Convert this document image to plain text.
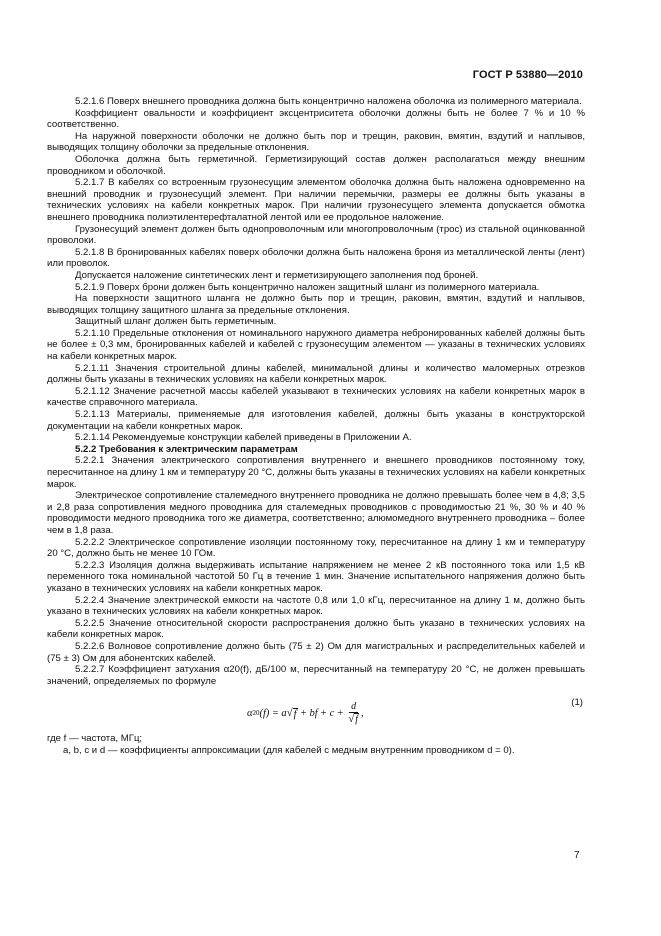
ГОСТ Р 53880—2010

5.2.1.6 Поверх внешнего проводника должна быть концентрично наложена оболочка из полимерного материала.

Коэффициент овальности и коэффициент эксцентриситета оболочки должны быть не более 7 % и 10 % соответственно.

На наружной поверхности оболочки не должно быть пор и трещин, раковин, вмятин, вздутий и наплывов, выводящих толщину оболочки за предельные отклонения.

Оболочка должна быть герметичной. Герметизирующий состав должен располагаться между внешним проводником и оболочкой.

5.2.1.7 В кабелях со встроенным грузонесущим элементом оболочка должна быть наложена одновременно на внешний проводник и грузонесущий элемент. При наличии перемычки, размеры ее должны быть указаны в технических условиях на кабели конкретных марок. При наличии грузонесущего элемента допускается обмотка внешнего проводника полиэтилентерефталатной лентой или ее продольное наложение.

Грузонесущий элемент должен быть однопроволочным или многопроволочным (трос) из стальной оцинкованной проволоки.

5.2.1.8 В бронированных кабелях поверх оболочки должна быть наложена броня из металлической ленты (лент) или проволок.

Допускается наложение синтетических лент и герметизирующего заполнения под броней.

5.2.1.9 Поверх брони должен быть концентрично наложен защитный шланг из полимерного материала.

На поверхности защитного шланга не должно быть пор и трещин, раковин, вмятин, вздутий и наплывов, выводящих толщину защитного шланга за предельные отклонения.

Защитный шланг должен быть герметичным.

5.2.1.10 Предельные отклонения от номинального наружного диаметра небронированных кабелей должны быть не более ± 0,3 мм, бронированных кабелей и кабелей с грузонесущим элементом — указаны в технических условиях на кабели конкретных марок.

5.2.1.11 Значения строительной длины кабелей, минимальной длины и количество маломерных отрезков должны быть указаны в технических условиях на кабели конкретных марок.

5.2.1.12 Значение расчетной массы кабелей указывают в технических условиях на кабели конкретных марок в качестве справочного материала.

5.2.1.13 Материалы, применяемые для изготовления кабелей, должны быть указаны в конструкторской документации на кабели конкретных марок.

5.2.1.14 Рекомендуемые конструкции кабелей приведены в Приложении А.

5.2.2 Требования к электрическим параметрам

5.2.2.1 Значения электрического сопротивления внутреннего и внешнего проводников постоянному току, пересчитанное на длину 1 км и температуру 20 °С, должны быть указаны в технических условиях на кабели конкретных марок.

Электрическое сопротивление сталемедного внутреннего проводника не должно превышать более чем в 4,8; 3,5 и 2,8 раза сопротивления медного проводника для сталемедных проводников с проводимостью 21 %, 30 % и 40 % проводимости медного проводника того же диаметра, соответственно; алюмомедного внутреннего проводника – более чем в 1,8 раза.

5.2.2.2 Электрическое сопротивление изоляции постоянному току, пересчитанное на длину 1 км и температуру 20 °С, должно быть не менее 10 ГОм.

5.2.2.3 Изоляция должна выдерживать испытание напряжением не менее 2 кВ постоянного тока или 1,5 кВ переменного тока номинальной частотой 50 Гц в течение 1 мин. Значение испытательного напряжения должно быть указано в технических условиях на кабели конкретных марок.

5.2.2.4 Значение электрической емкости на частоте 0,8 или 1,0 кГц, пересчитанное на длину 1 м, должно быть указано в технических условиях на кабели конкретных марок.

5.2.2.5 Значение относительной скорости распространения должно быть указано в технических условиях на кабели конкретных марок.

5.2.2.6 Волновое сопротивление должно быть (75 ± 2) Ом для магистральных и распределительных кабелей и (75 ± 3) Ом для абонентских кабелей.

5.2.2.7 Коэффициент затухания α20(f), дБ/100 м, пересчитанный на температуру 20 °С, не должен превышать значений, определяемых по формуле

α 20 (f) = a √ f + bf + $c + \frac{d}{√ f}$ ,
(1)

где f — частота, МГц;

a, b, c и d — коэффициенты аппроксимации (для кабелей с медным внутренним проводником d = 0).

7
